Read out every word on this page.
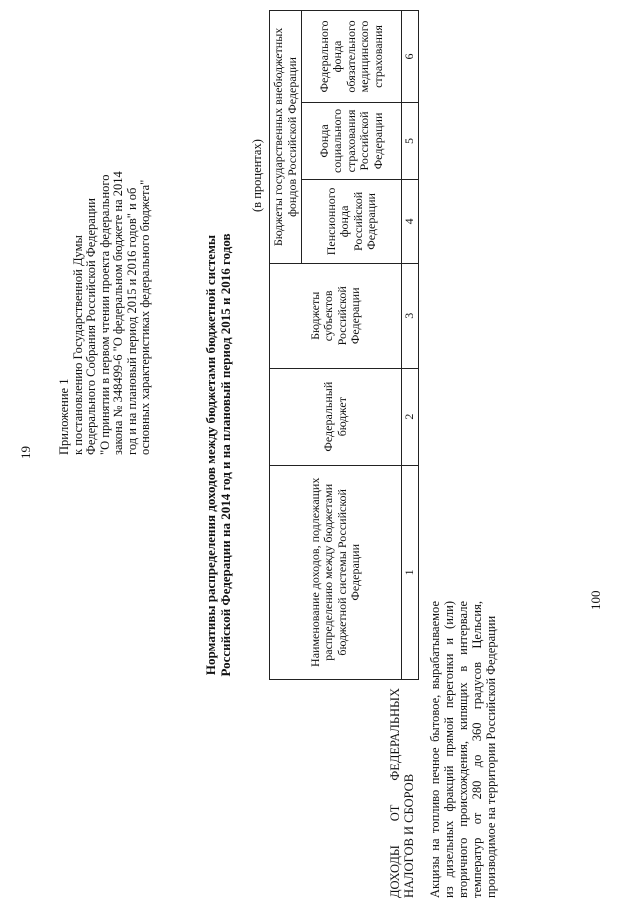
19 Приложение 1 к постановлению Государственной Думы Федерального Собрания Российской Федерации "О принятии в первом чтении проекта федерального закона № 348499-6 "О федеральном бюджете на 2014 год и на плановый период 2015 и 2016 годов" и об основных характеристиках федерального бюджета"	Нормативы распределения доходов между бюджетами бюджетной системы Российской Федерации на 2014 год и на плановый период 2015 и 2016 годов
(в процентах)
Наименование доходов, подлежащих распределению между бюджетами бюджетной системы Российской Федерации	Федеральный бюджет	Бюджеты субъектов Российской Федерации	Бюджеты государственных внебюджетных фондов Российской Федерации		
			Пенсионного фонда Российской Федерации	Фонда социального страхования Российской Федерации	Федерального фонда обязательного медицинского страхования
1	2	3	4	5	6
ДОХОДЫ ОТ ФЕДЕРАЛЬНЫХ НАЛОГОВ И СБОРОВ Акцизы на топливо печное бытовое, вырабатываемое из дизельных фракций прямой перегонки и (или) вторичного происхождения, кипящих в интервале температур от 280 до 360 градусов Цельсия, производимое на территории Российской Федерации
100
